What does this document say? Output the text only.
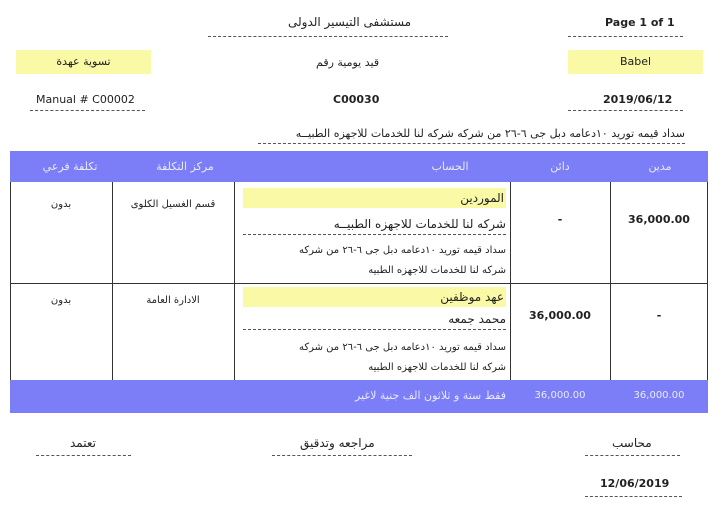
Page 1 of 1
مستشفى التيسير الدولى
Babel
قيد يومية رقم
تسوية عهدة
2019/06/12
C00030
Manual # C00002
سداد قيمه توريد ١٠دعامه دبل جى ٦-٢٦ من شركه شركه لنا للخدمات للاجهزه الطبيــه
مدين
دائن
الحساب
مركز التكلفة
تكلفة فرعي
36,000.00
-
الموردين
شركه لنا للخدمات للاجهزه الطبيــه
سداد قيمه توريد ١٠دعامه دبل جى ٦-٢٦ من شركه
شركه لنا للخدمات للاجهزه الطبيه
قسم الغسيل الكلوى
بدون
-
36,000.00
عهد موظفين
محمد جمعه
سداد قيمه توريد ١٠دعامه دبل جى ٦-٢٦ من شركه
شركه لنا للخدمات للاجهزه الطبيه
الادارة العامة
بدون
36,000.00
36,000.00
فقط ستة و ثلاثون الف جنية لاغير
محاسب
مراجعه وتدقيق
تعتمد
12/06/2019
